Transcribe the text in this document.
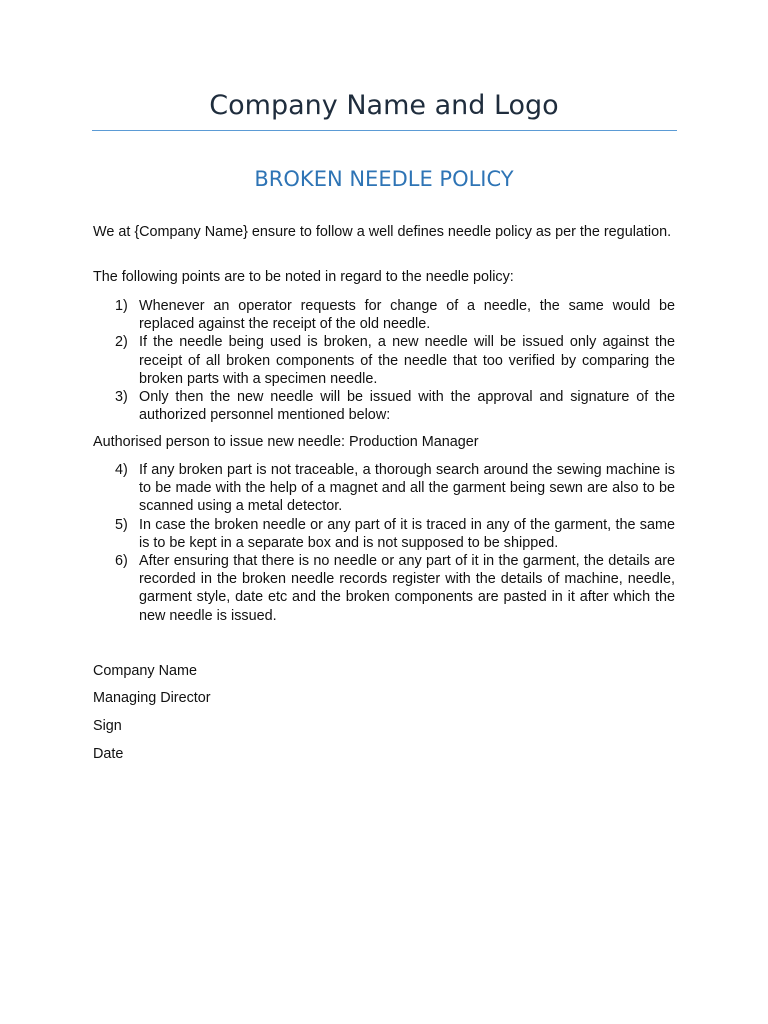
Company Name and Logo
BROKEN NEEDLE POLICY

We at {Company Name} ensure to follow a well defines needle policy as per the regulation.

The following points are to be noted in regard to the needle policy:

1) Whenever an operator requests for change of a needle, the same would be replaced against the receipt of the old needle.
2) If the needle being used is broken, a new needle will be issued only against the receipt of all broken components of the needle that too verified by comparing the broken parts with a specimen needle.
3) Only then the new needle will be issued with the approval and signature of the authorized personnel mentioned below:

Authorised person to issue new needle: Production Manager

4) If any broken part is not traceable, a thorough search around the sewing machine is to be made with the help of a magnet and all the garment being sewn are also to be scanned using a metal detector.
5) In case the broken needle or any part of it is traced in any of the garment, the same is to be kept in a separate box and is not supposed to be shipped.
6) After ensuring that there is no needle or any part of it in the garment, the details are recorded in the broken needle records register with the details of machine, needle, garment style, date etc and the broken components are pasted in it after which the new needle is issued.
Company Name
Managing Director
Sign
Date
